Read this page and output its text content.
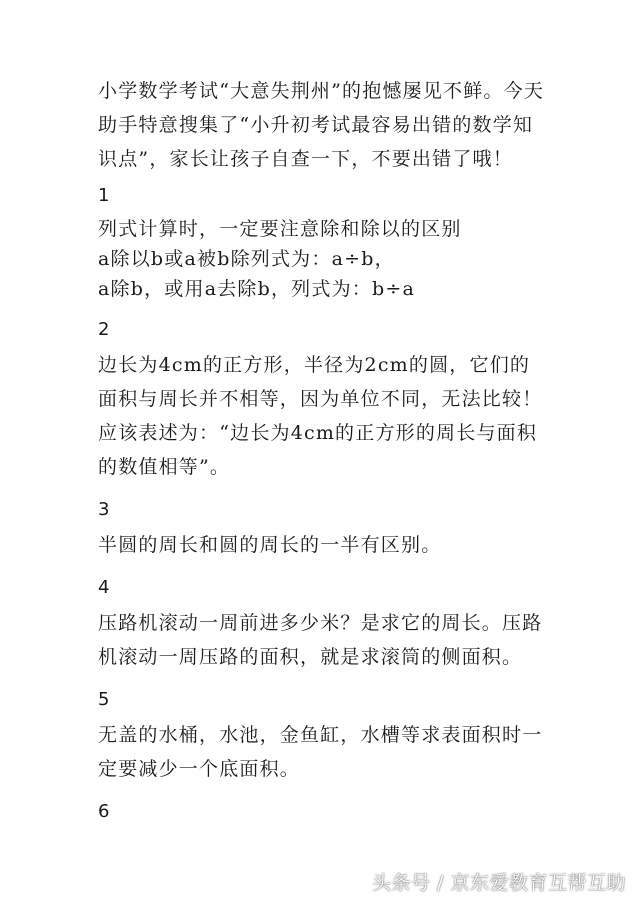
小学数学考试“大意失荆州”的抱憾屡见不鲜。今天助手特意搜集了“小升初考试最容易出错的数学知识点”，家长让孩子自查一下，不要出错了哦！

1

列式计算时，一定要注意除和除以的区别

a除以b或a被b除列式为：a÷b，

a除b，或用a去除b，列式为：b÷a

2

边长为4cm的正方形，半径为2cm的圆，它们的面积与周长并不相等，因为单位不同，无法比较！应该表述为：“边长为4cm的正方形的周长与面积的数值相等”。

3

半圆的周长和圆的周长的一半有区别。

4

压路机滚动一周前进多少米？是求它的周长。压路机滚动一周压路的面积，就是求滚筒的侧面积。

5

无盖的水桶，水池，金鱼缸，水槽等求表面积时一定要减少一个底面积。

6
头条号 / 京东爱教育互帮互助
